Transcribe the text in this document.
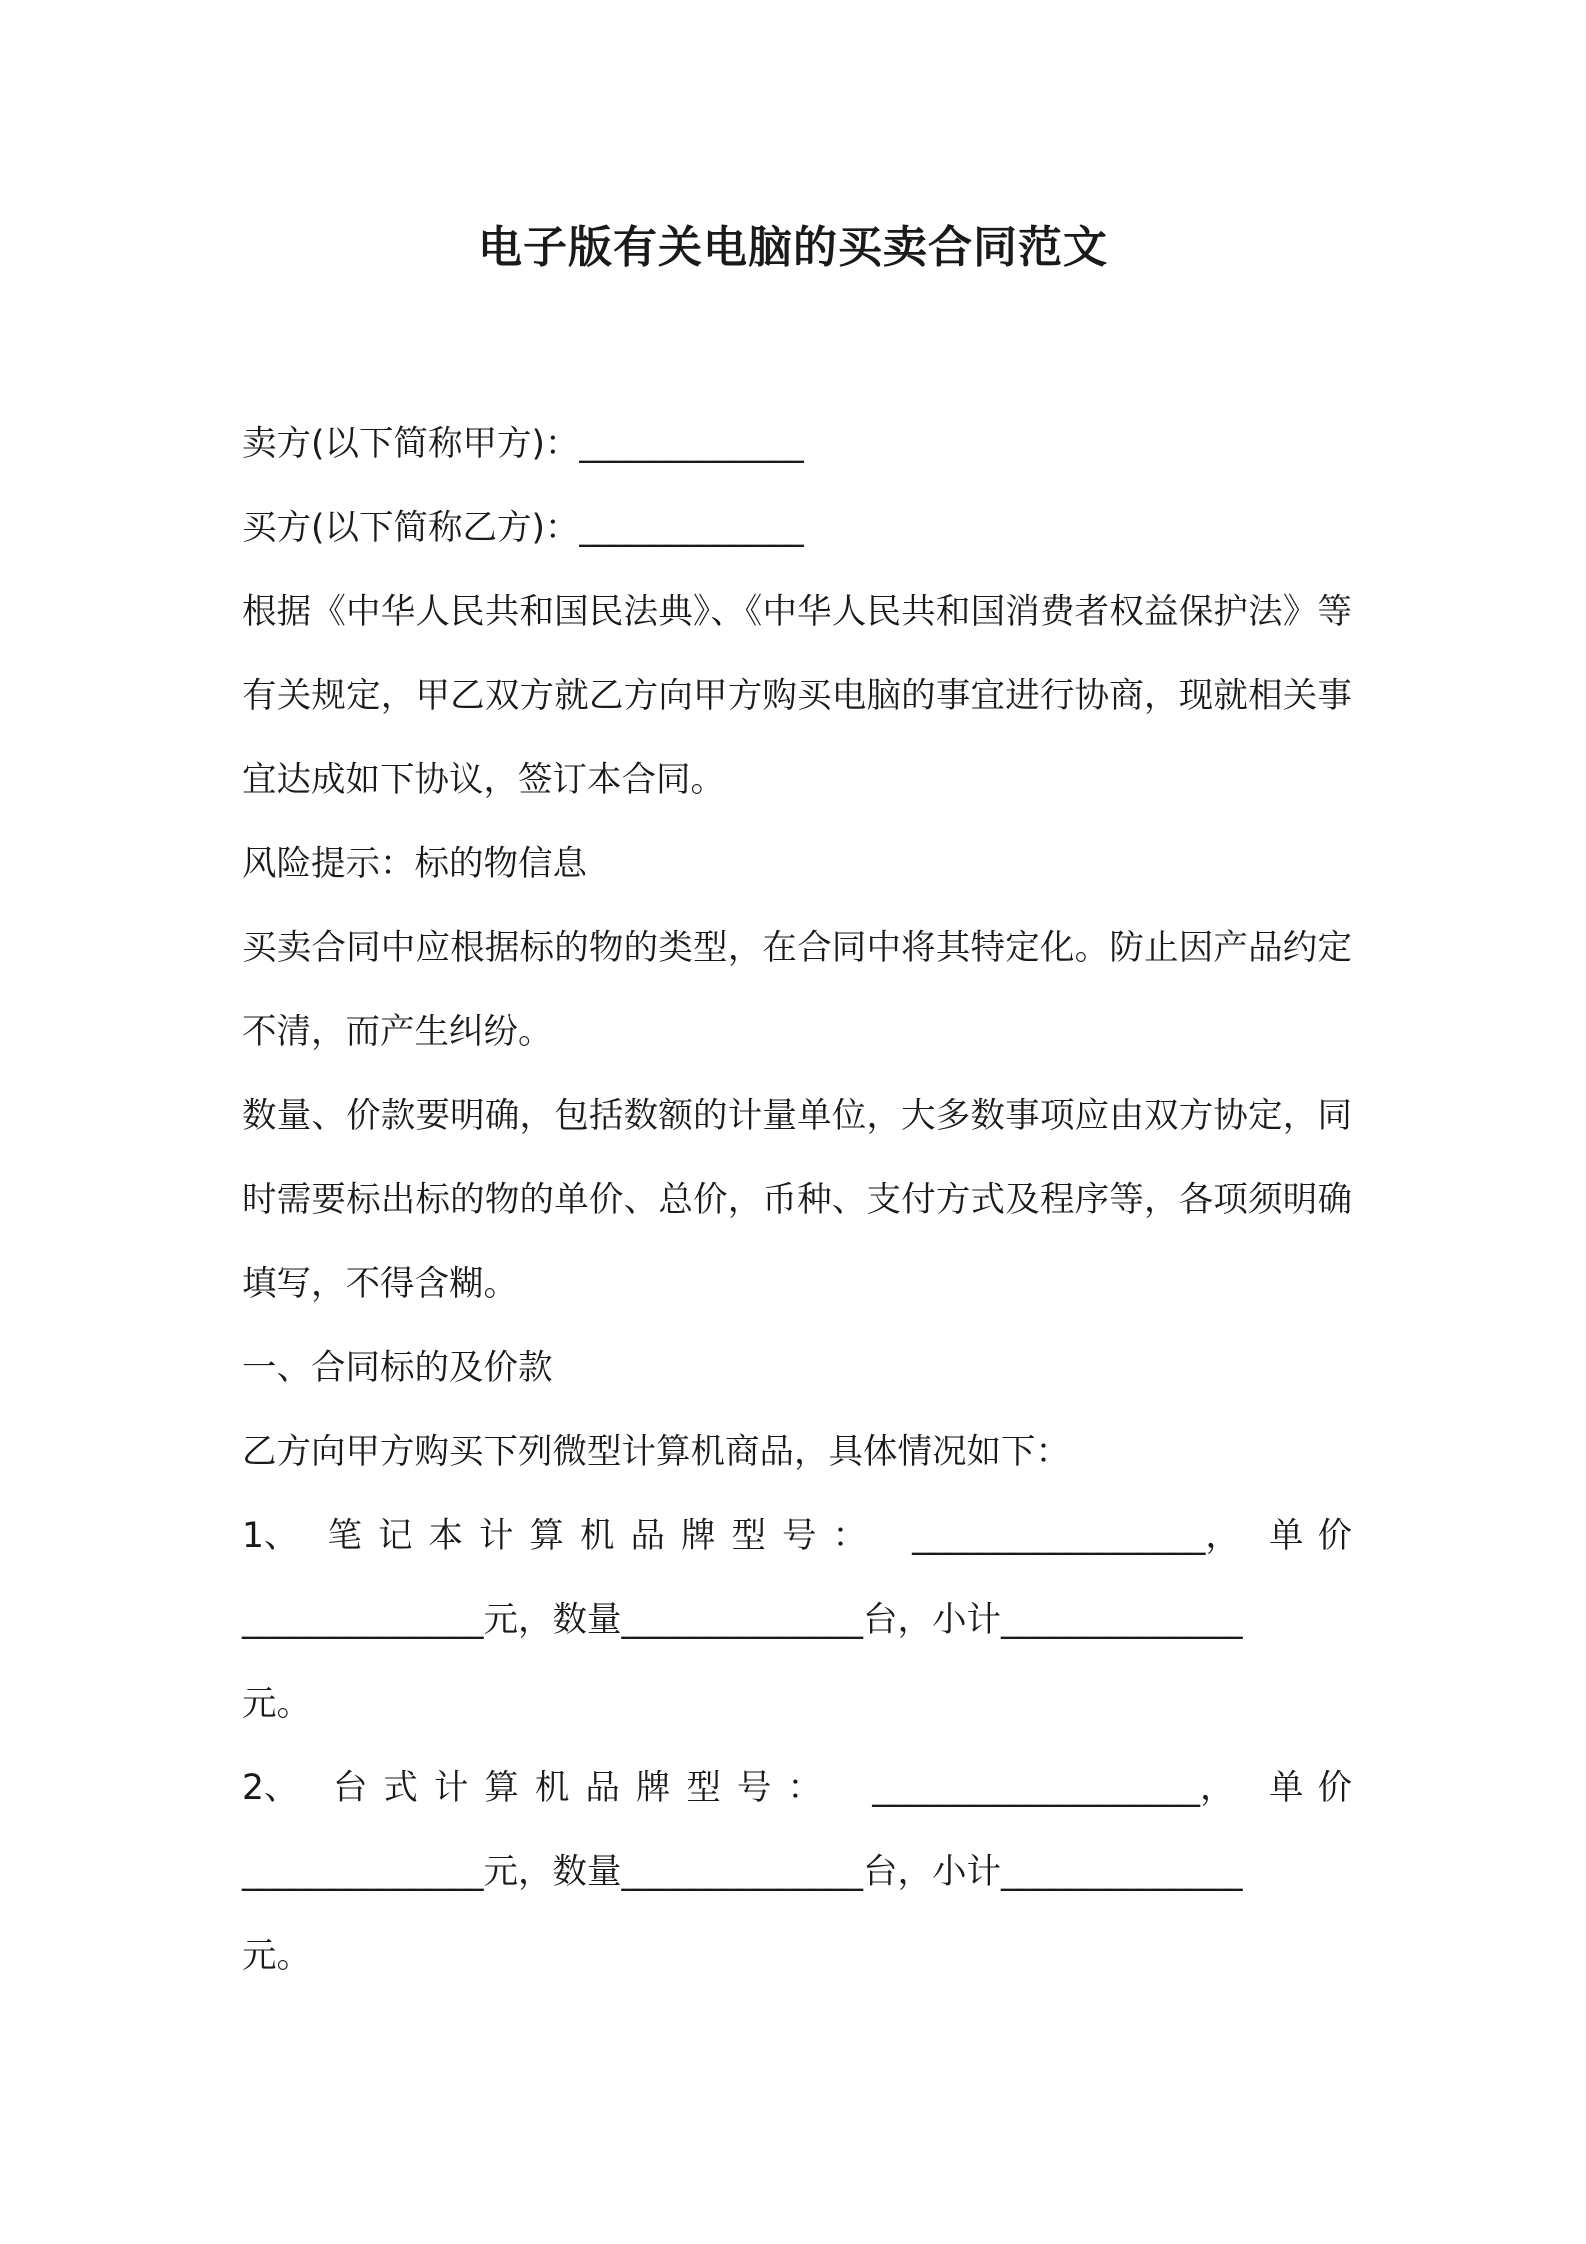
电子版有关电脑的买卖合同范文

卖方(以下简称甲方)：_____________

买方(以下简称乙方)：_____________

根据《中华人民共和国民法典》、《中华人民共和国消费者权益保护法》等有关规定，甲乙双方就乙方向甲方购买电脑的事宜进行协商，现就相关事宜达成如下协议，签订本合同。

风险提示：标的物信息

买卖合同中应根据标的物的类型，在合同中将其特定化。防止因产品约定不清，而产生纠纷。

数量、价款要明确，包括数额的计量单位，大多数事项应由双方协定，同时需要标出标的物的单价、总价，币种、支付方式及程序等，各项须明确填写，不得含糊。

一、合同标的及价款

乙方向甲方购买下列微型计算机商品，具体情况如下：

1、 笔记本计算机品牌型号： _________________， 单价
______________元，数量______________台，小计______________

元。

2、 台式计算机品牌型号： ___________________， 单价
______________元，数量______________台，小计______________

元。
